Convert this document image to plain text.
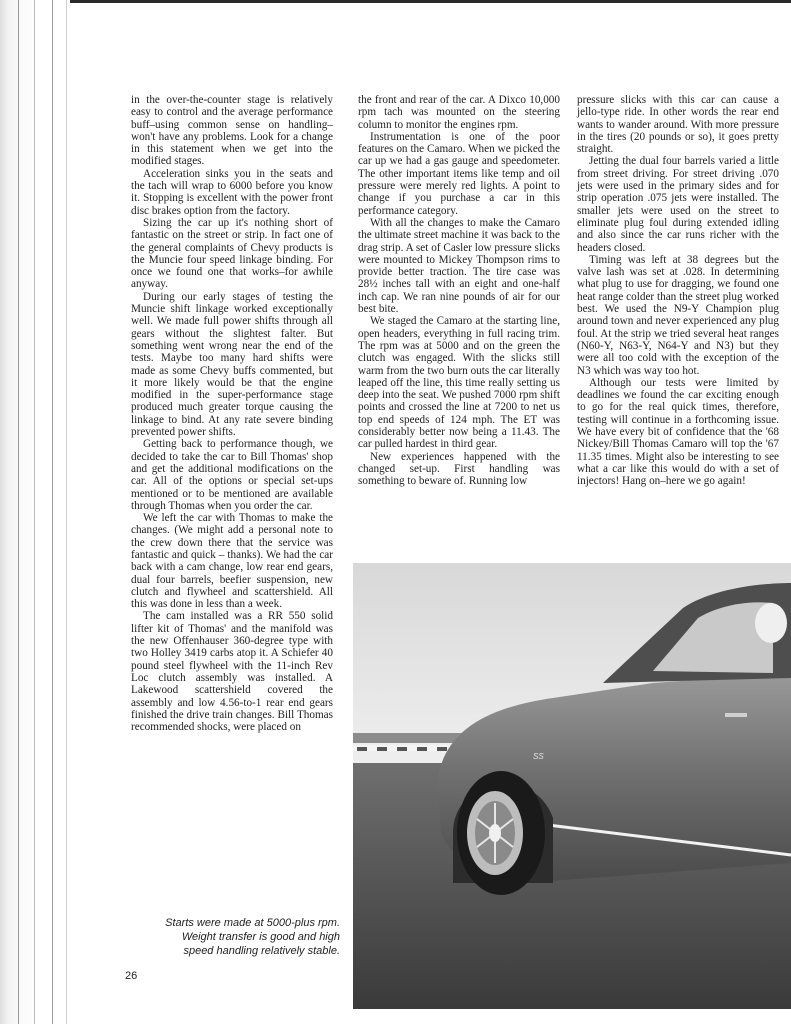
in the over-the-counter stage is relatively easy to control and the average performance buff–using common sense on handling–won't have any problems. Look for a change in this statement when we get into the modified stages.

Acceleration sinks you in the seats and the tach will wrap to 6000 before you know it. Stopping is excellent with the power front disc brakes option from the factory.

Sizing the car up it's nothing short of fantastic on the street or strip. In fact one of the general complaints of Chevy products is the Muncie four speed linkage binding. For once we found one that works–for awhile anyway.

During our early stages of testing the Muncie shift linkage worked exceptionally well. We made full power shifts through all gears without the slightest falter. But something went wrong near the end of the tests. Maybe too many hard shifts were made as some Chevy buffs commented, but it more likely would be that the engine modified in the super-performance stage produced much greater torque causing the linkage to bind. At any rate severe binding prevented power shifts.

Getting back to performance though, we decided to take the car to Bill Thomas' shop and get the additional modifications on the car. All of the options or special set-ups mentioned or to be mentioned are available through Thomas when you order the car.

We left the car with Thomas to make the changes. (We might add a personal note to the crew down there that the service was fantastic and quick – thanks). We had the car back with a cam change, low rear end gears, dual four barrels, beefier suspension, new clutch and flywheel and scattershield. All this was done in less than a week.

The cam installed was a RR 550 solid lifter kit of Thomas' and the manifold was the new Offenhauser 360-degree type with two Holley 3419 carbs atop it. A Schiefer 40 pound steel flywheel with the 11-inch Rev Loc clutch assembly was installed. A Lakewood scattershield covered the assembly and low 4.56-to-1 rear end gears finished the drive train changes. Bill Thomas recommended shocks, were placed on

the front and rear of the car. A Dixco 10,000 rpm tach was mounted on the steering column to monitor the engines rpm.

Instrumentation is one of the poor features on the Camaro. When we picked the car up we had a gas gauge and speedometer. The other important items like temp and oil pressure were merely red lights. A point to change if you purchase a car in this performance category.

With all the changes to make the Camaro the ultimate street machine it was back to the drag strip. A set of Casler low pressure slicks were mounted to Mickey Thompson rims to provide better traction. The tire case was 28½ inches tall with an eight and one-half inch cap. We ran nine pounds of air for our best bite.

We staged the Camaro at the starting line, open headers, everything in full racing trim. The rpm was at 5000 and on the green the clutch was engaged. With the slicks still warm from the two burn outs the car literally leaped off the line, this time really setting us deep into the seat. We pushed 7000 rpm shift points and crossed the line at 7200 to net us top end speeds of 124 mph. The ET was considerably better now being a 11.43. The car pulled hardest in third gear.

New experiences happened with the changed set-up. First handling was something to beware of. Running low

pressure slicks with this car can cause a jello-type ride. In other words the rear end wants to wander around. With more pressure in the tires (20 pounds or so), it goes pretty straight.

Jetting the dual four barrels varied a little from street driving. For street driving .070 jets were used in the primary sides and for strip operation .075 jets were installed. The smaller jets were used on the street to eliminate plug foul during extended idling and also since the car runs richer with the headers closed.

Timing was left at 38 degrees but the valve lash was set at .028. In determining what plug to use for dragging, we found one heat range colder than the street plug worked best. We used the N9-Y Champion plug around town and never experienced any plug foul. At the strip we tried several heat ranges (N60-Y, N63-Y, N64-Y and N3) but they were all too cold with the exception of the N3 which was way too hot.

Although our tests were limited by deadlines we found the car exciting enough to go for the real quick times, therefore, testing will continue in a forthcoming issue. We have every bit of confidence that the '68 Nickey/Bill Thomas Camaro will top the '67 11.35 times. Might also be interesting to see what a car like this would do with a set of injectors! Hang on–here we go again!

SS
Starts were made at 5000-plus rpm. Weight transfer is good and high speed handling relatively stable.
26
